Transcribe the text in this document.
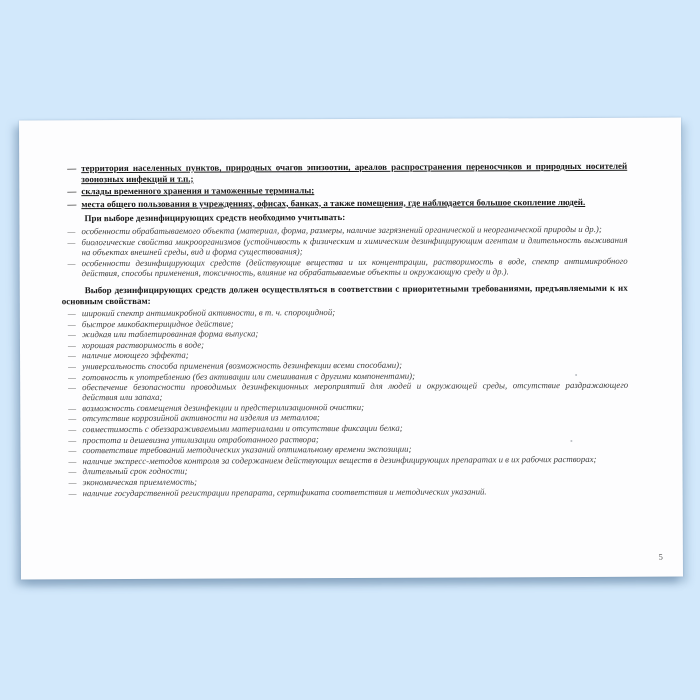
— территория населенных пунктов, природных очагов эпизоотии, ареалов распространения переносчиков и природных носителей зоонозных инфекций и т.п.;
— склады временного хранения и таможенные терминалы;
— места общего пользования в учреждениях, офисах, банках, а также помещения, где наблюдается большое скопление людей.
При выборе дезинфицирующих средств необходимо учитывать:
— особенности обрабатываемого объекта (материал, форма, размеры, наличие загрязнений органической и неорганической природы и др.);
— биологические свойства микроорганизмов (устойчивость к физическим и химическим дезинфицирующим агентам и длительность выживания на объектах внешней среды, вид и форма существования);
— особенности дезинфицирующих средств (действующие вещества и их концентрации, растворимость в воде, спектр антимикробного действия, способы применения, токсичность, влияние на обрабатываемые объекты и окружающую среду и др.).
Выбор дезинфицирующих средств должен осуществляться в соответствии с приоритетными требованиями, предъявляемыми к их основным свойствам:
— широкий спектр антимикробной активности, в т. ч. спороцидной;
— быстрое микобактерицидное действие;
— жидкая или таблетированная форма выпуска;
— хорошая растворимость в воде;
— наличие моющего эффекта;
— универсальность способа применения (возможность дезинфекции всеми способами);
— готовность к употреблению (без активации или смешивания с другими компонентами);
— обеспечение безопасности проводимых дезинфекционных мероприятий для людей и окружающей среды, отсутствие раздражающего действия или запаха;
— возможность совмещения дезинфекции и предстерилизационной очистки;
— отсутствие коррозийной активности на изделия из металлов;
— совместимость с обеззараживаемыми материалами и отсутствие фиксации белка;
— простота и дешевизна утилизации отработанного раствора;
— соответствие требований методических указаний оптимальному времени экспозиции;
— наличие экспресс-методов контроля за содержанием действующих веществ в дезинфицирующих препаратах и в их рабочих растворах;
— длительный срок годности;
— экономическая приемлемость;
— наличие государственной регистрации препарата, сертификата соответствия и методических указаний.
5
